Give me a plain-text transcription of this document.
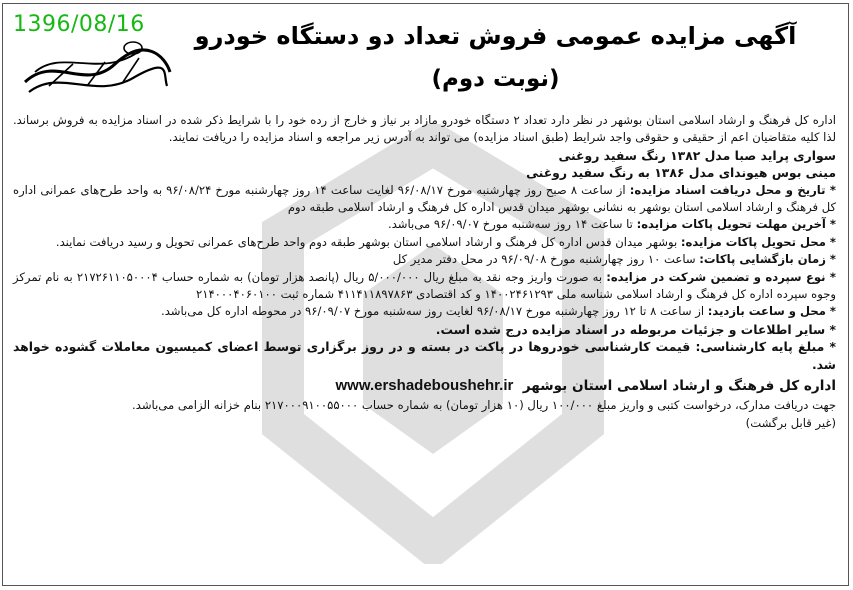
1396/08/16	آگهی مزایده عمومی فروش تعداد دو دستگاه خودرو
(نوبت دوم)

اداره کل فرهنگ و ارشاد اسلامی استان بوشهر در نظر دارد تعداد ۲ دستگاه خودرو مازاد بر نیاز و خارج از رده خود را با شرایط ذکر شده در اسناد مزایده به فروش برساند. لذا کلیه متقاضیان اعم از حقیقی و حقوقی واجد شرایط (طبق اسناد مزایده) می تواند به آدرس زیر مراجعه و اسناد مزایده را دریافت نمایند.

سواری پراید صبا مدل ۱۳۸۲ رنگ سفید روغنی

مینی بوس هیوندای مدل ۱۳۸۶ به رنگ سفید روغنی

* تاریخ و محل دریافت اسناد مزایده: از ساعت ۸ صبح روز چهارشنبه مورخ ۹۶/۰۸/۱۷ لغایت ساعت ۱۴ روز چهارشنبه مورخ ۹۶/۰۸/۲۴ به واحد طرح‌های عمرانی اداره کل فرهنگ و ارشاد اسلامی استان بوشهر به نشانی بوشهر میدان قدس اداره کل فرهنگ و ارشاد اسلامی طبقه دوم

* آخرین مهلت تحویل پاکات مزایده: تا ساعت ۱۴ روز سه‌شنبه مورخ ۹۶/۰۹/۰۷ می‌باشد.

* محل تحویل پاکات مزایده: بوشهر میدان قدس اداره کل فرهنگ و ارشاد اسلامی استان بوشهر طبقه دوم واحد طرح‌های عمرانی تحویل و رسید دریافت نمایند.

* زمان بازگشایی پاکات: ساعت ۱۰ روز چهارشنبه مورخ ۹۶/۰۹/۰۸ در محل دفتر مدیر کل

* نوع سپرده و تضمین شرکت در مزایده: به صورت واریز وجه نقد به مبلغ ریال ۵/۰۰۰/۰۰۰ ریال (پانصد هزار تومان) به شماره حساب ۲۱۷۲۶۱۱۰۵۰۰۰۴ به نام تمرکز وجوه سپرده اداره کل فرهنگ و ارشاد اسلامی شناسه ملی ۱۴۰۰۲۴۶۱۲۹۳ و کد اقتصادی ۴۱۱۴۱۱۸۹۷۸۶۳ شماره ثبت ۲۱۴۰۰۰۴۰۶۰۱۰۰

* محل و ساعت بازدید: از ساعت ۸ تا ۱۲ روز چهارشنبه مورخ ۹۶/۰۸/۱۷ لغایت روز سه‌شنبه مورخ ۹۶/۰۹/۰۷ در محوطه اداره کل می‌باشد.

* سایر اطلاعات و جزئیات مربوطه در اسناد مزایده درج شده است.

* مبلغ پایه کارشناسی: قیمت کارشناسی خودروها در پاکت در بسته و در روز برگزاری توسط اعضای کمیسیون معاملات گشوده خواهد شد.

اداره کل فرهنگ و ارشاد اسلامی استان بوشهر  www.ershadeboushehr.ir

جهت دریافت مدارک، درخواست کتبی و واریز مبلغ ۱۰۰/۰۰۰ ریال (۱۰ هزار تومان) به شماره حساب ۲۱۷۰۰۰۹۱۰۰۵۵۰۰۰ بنام خزانه الزامی می‌باشد.

(غیر قابل برگشت)
